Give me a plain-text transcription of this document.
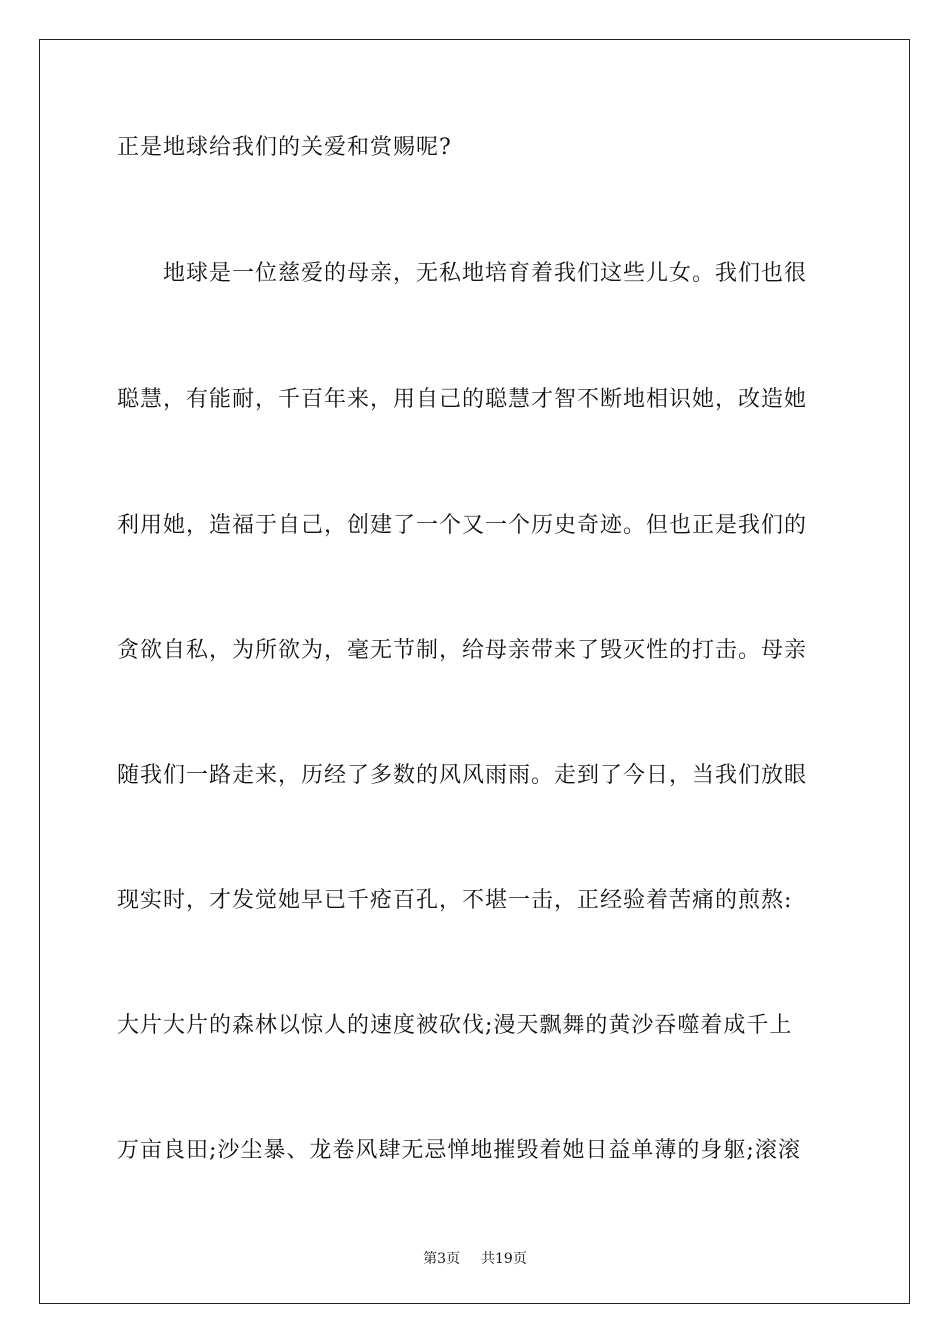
正是地球给我们的关爱和赏赐呢?
地球是一位慈爱的母亲，无私地培育着我们这些儿女。我们也很
聪慧，有能耐，千百年来，用自己的聪慧才智不断地相识她，改造她
利用她，造福于自己，创建了一个又一个历史奇迹。但也正是我们的
贪欲自私，为所欲为，毫无节制，给母亲带来了毁灭性的打击。母亲
随我们一路走来，历经了多数的风风雨雨。走到了今日，当我们放眼
现实时，才发觉她早已千疮百孔，不堪一击，正经验着苦痛的煎熬:
大片大片的森林以惊人的速度被砍伐;漫天飘舞的黄沙吞噬着成千上
万亩良田;沙尘暴、龙卷风肆无忌惮地摧毁着她日益单薄的身躯;滚滚
第3页 共19页
